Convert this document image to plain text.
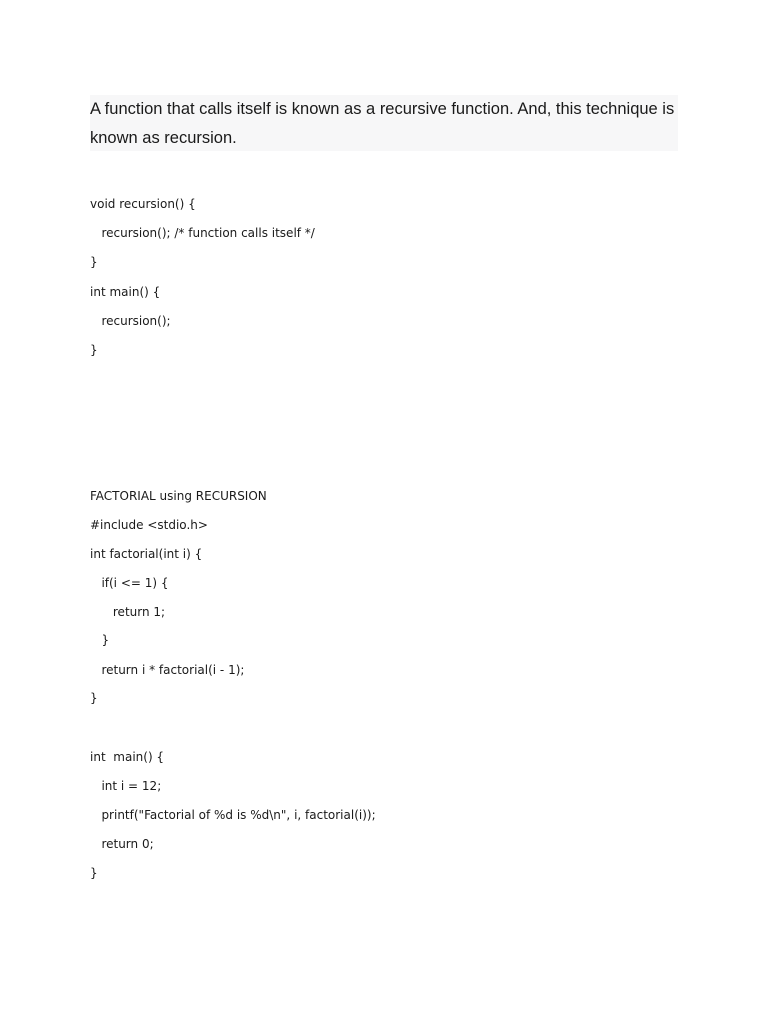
A function that calls itself is known as a recursive function. And, this technique is known as recursion.

void recursion() {

recursion(); /* function calls itself */

}

int main() {

recursion();

}

FACTORIAL using RECURSION

#include <stdio.h>

int factorial(int i) {

if(i <= 1) {

return 1;

}

return i * factorial(i - 1);

}

int  main() {

int i = 12;

printf("Factorial of %d is %d\n", i, factorial(i));

return 0;

}
